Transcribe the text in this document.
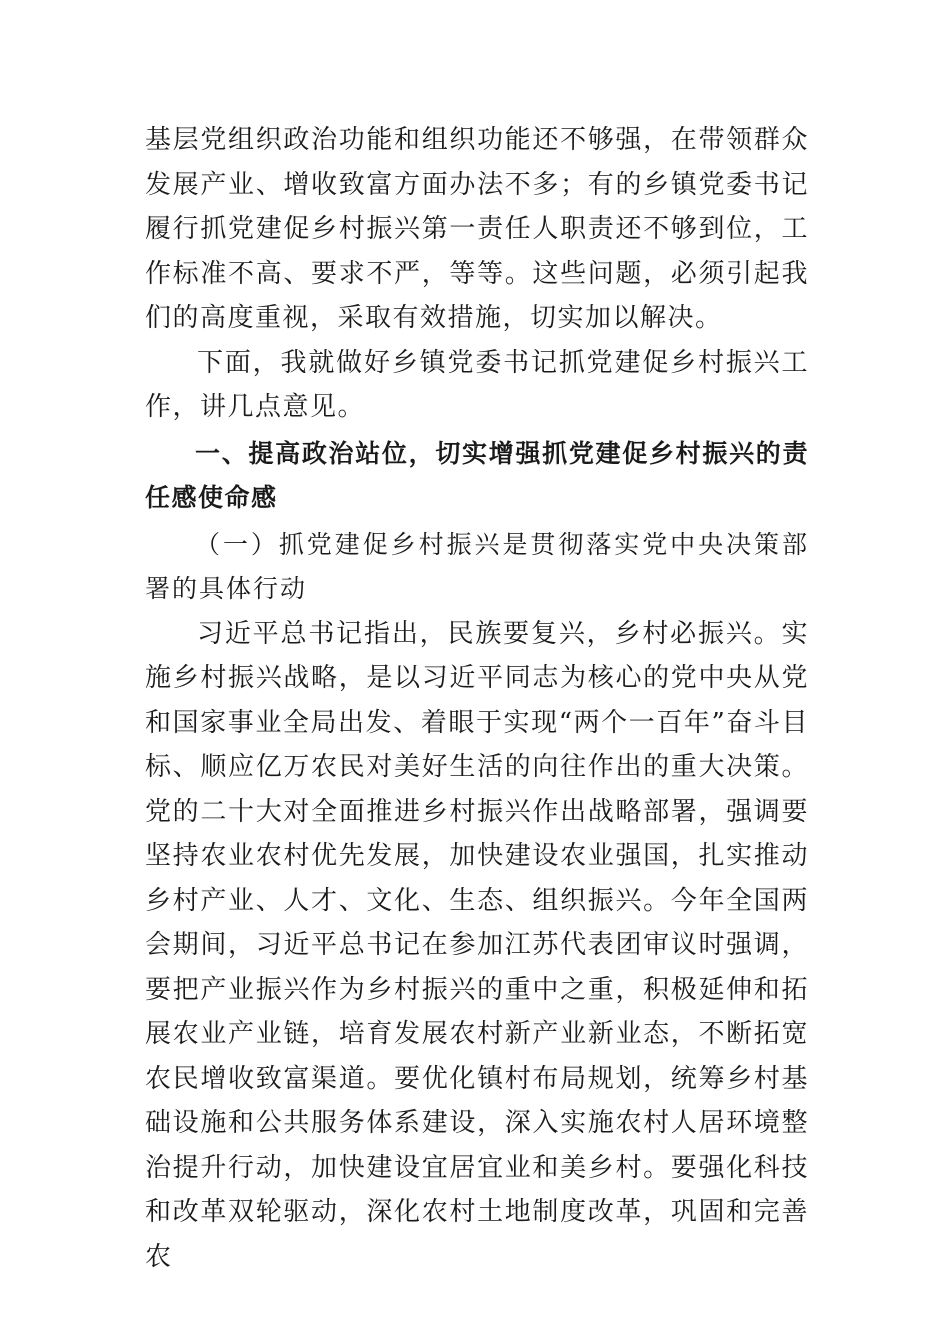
基层党组织政治功能和组织功能还不够强，在带领群众发展产业、增收致富方面办法不多；有的乡镇党委书记履行抓党建促乡村振兴第一责任人职责还不够到位，工作标准不高、要求不严，等等。这些问题，必须引起我们的高度重视，采取有效措施，切实加以解决。

下面，我就做好乡镇党委书记抓党建促乡村振兴工作，讲几点意见。

一、提高政治站位，切实增强抓党建促乡村振兴的责任感使命感

（一）抓党建促乡村振兴是贯彻落实党中央决策部署的具体行动

习近平总书记指出，民族要复兴，乡村必振兴。实施乡村振兴战略，是以习近平同志为核心的党中央从党和国家事业全局出发、着眼于实现“两个一百年”奋斗目标、顺应亿万农民对美好生活的向往作出的重大决策。党的二十大对全面推进乡村振兴作出战略部署，强调要坚持农业农村优先发展，加快建设农业强国，扎实推动乡村产业、人才、文化、生态、组织振兴。今年全国两会期间，习近平总书记在参加江苏代表团审议时强调，要把产业振兴作为乡村振兴的重中之重，积极延伸和拓展农业产业链，培育发展农村新产业新业态，不断拓宽农民增收致富渠道。要优化镇村布局规划，统筹乡村基础设施和公共服务体系建设，深入实施农村人居环境整治提升行动，加快建设宜居宜业和美乡村。要强化科技和改革双轮驱动，深化农村土地制度改革，巩固和完善农
